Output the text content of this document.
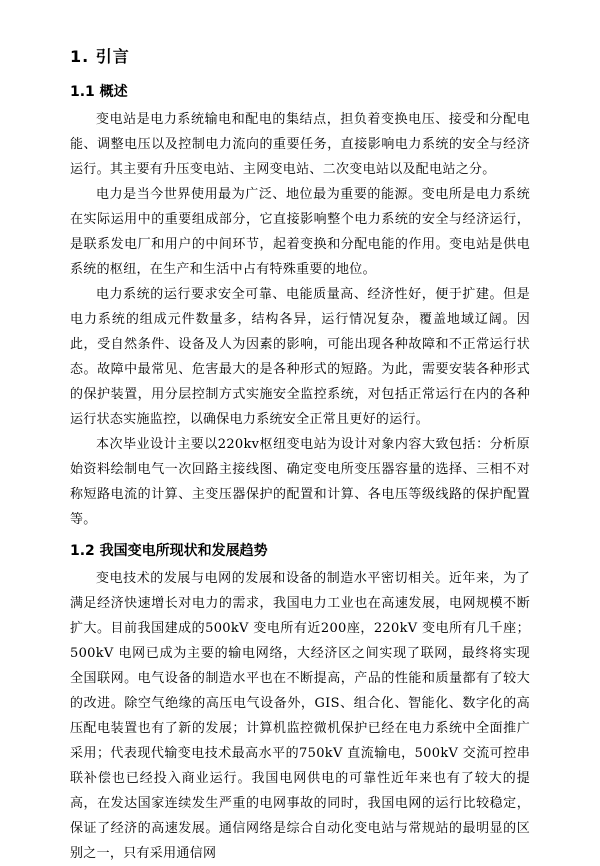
1. 引言
1.1 概述

变电站是电力系统输电和配电的集结点，担负着变换电压、接受和分配电能、调整电压以及控制电力流向的重要任务，直接影响电力系统的安全与经济运行。其主要有升压变电站、主网变电站、二次变电站以及配电站之分。

电力是当今世界使用最为广泛、地位最为重要的能源。变电所是电力系统在实际运用中的重要组成部分，它直接影响整个电力系统的安全与经济运行，是联系发电厂和用户的中间环节，起着变换和分配电能的作用。变电站是供电系统的枢纽，在生产和生活中占有特殊重要的地位。

电力系统的运行要求安全可靠、电能质量高、经济性好，便于扩建。但是电力系统的组成元件数量多，结构各异，运行情况复杂，覆盖地域辽阔。因此，受自然条件、设备及人为因素的影响，可能出现各种故障和不正常运行状态。故障中最常见、危害最大的是各种形式的短路。为此，需要安装各种形式的保护装置，用分层控制方式实施安全监控系统，对包括正常运行在内的各种运行状态实施监控，以确保电力系统安全正常且更好的运行。

本次毕业设计主要以220kv枢纽变电站为设计对象内容大致包括：分析原始资料绘制电气一次回路主接线图、确定变电所变压器容量的选择、三相不对称短路电流的计算、主变压器保护的配置和计算、各电压等级线路的保护配置等。

1.2 我国变电所现状和发展趋势

变电技术的发展与电网的发展和设备的制造水平密切相关。近年来，为了满足经济快速增长对电力的需求，我国电力工业也在高速发展，电网规模不断扩大。目前我国建成的500kV 变电所有近200座，220kV 变电所有几千座；500kV 电网已成为主要的输电网络，大经济区之间实现了联网，最终将实现全国联网。电气设备的制造水平也在不断提高，产品的性能和质量都有了较大的改进。除空气绝缘的高压电气设备外，GIS、组合化、智能化、数字化的高压配电装置也有了新的发展；计算机监控微机保护已经在电力系统中全面推广采用；代表现代输变电技术最高水平的750kV 直流输电，500kV 交流可控串联补偿也已经投入商业运行。我国电网供电的可靠性近年来也有了较大的提高，在发达国家连续发生严重的电网事故的同时，我国电网的运行比较稳定，保证了经济的高速发展。通信网络是综合自动化变电站与常规站的最明显的区别之一，只有采用通信网
